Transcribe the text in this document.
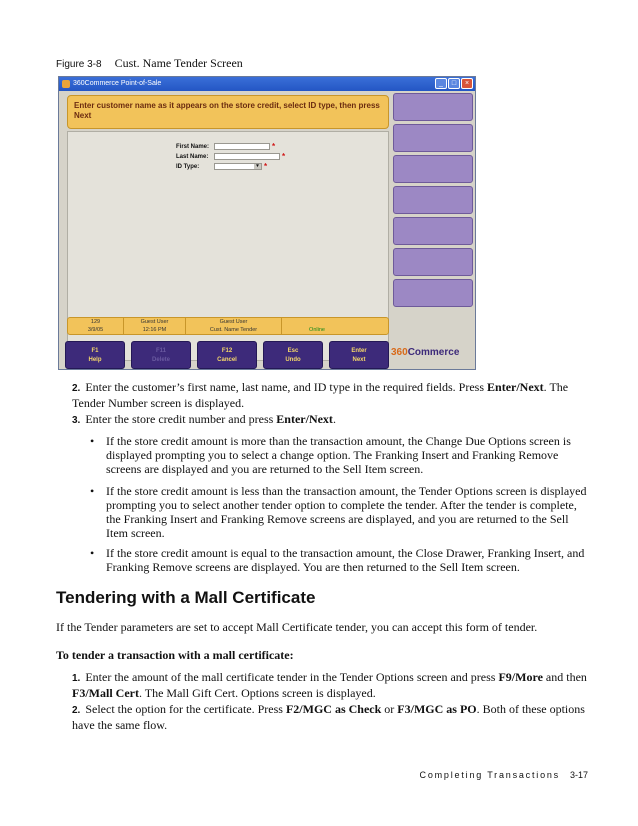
Figure 3-8 Cust. Name Tender Screen
360Commerce Point-of-Sale	_	□	×
Enter customer name as it appears on the store credit, select ID type, then press Next
First Name:	*
Last Name:	*
ID Type:	▾ *
129	Guest User	Guest User
3/9/05	12:16 PM	Cust. Name Tender	Online
F1
Help
F11
Delete
F12
Cancel
Esc
Undo
Enter
Next
360Commerce
2. Enter the customer’s first name, last name, and ID type in the required fields. Press Enter/Next. The Tender Number screen is displayed.
3. Enter the store credit number and press Enter/Next.
• If the store credit amount is more than the transaction amount, the Change Due Options screen is displayed prompting you to select a change option. The Franking Insert and Franking Remove screens are displayed and you are returned to the Sell Item screen.
• If the store credit amount is less than the transaction amount, the Tender Options screen is displayed prompting you to select another tender option to complete the tender. After the tender is complete, the Franking Insert and Franking Remove screens are displayed, and you are returned to the Sell Item screen.
• If the store credit amount is equal to the transaction amount, the Close Drawer, Franking Insert, and Franking Remove screens are displayed. You are then returned to the Sell Item screen.
Tendering with a Mall Certificate
If the Tender parameters are set to accept Mall Certificate tender, you can accept this form of tender.
To tender a transaction with a mall certificate:
1. Enter the amount of the mall certificate tender in the Tender Options screen and press F9/More and then F3/Mall Cert. The Mall Gift Cert. Options screen is displayed.
2. Select the option for the certificate. Press F2/MGC as Check or F3/MGC as PO. Both of these options have the same flow.
Completing Transactions 3-17
